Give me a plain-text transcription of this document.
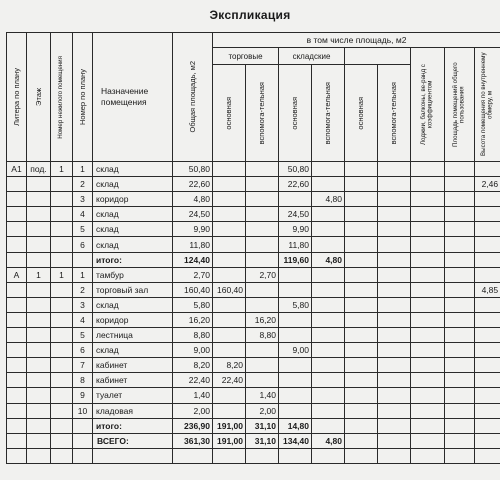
Экспликация
Литера по плану	Этаж	Номер нежилого помещения	Номер по плану	Назначение помещения	Общая площадь, м2	в том числе площадь, м2								
						торговые		складские				Лоджии, балконы, ве-ранд с коэффициентом	Площадь помещений общего пользования	Высота помещения по внутреннему обмеру, м

						основная	вспомога-тельная	основная	вспомога-тельная	основная	вспомога-тельная			

А1	под.	1	1	склад	50,80			50,80						
			2	склад	22,60			22,60						2,46
			3	коридор	4,80				4,80					
			4	склад	24,50			24,50						
			5	склад	9,90			9,90						
			6	склад	11,80			11,80						
				итого:	124,40			119,60	4,80					
А	1	1	1	тамбур	2,70		2,70							
			2	торговый зал	160,40	160,40								4,85
			3	склад	5,80			5,80						
			4	коридор	16,20		16,20							
			5	лестница	8,80		8,80							
			6	склад	9,00			9,00						
			7	кабинет	8,20	8,20								
			8	кабинет	22,40	22,40								
			9	туалет	1,40		1,40							
			10	кладовая	2,00		2,00							
				итого:	236,90	191,00	31,10	14,80						
				ВСЕГО:	361,30	191,00	31,10	134,40	4,80					
